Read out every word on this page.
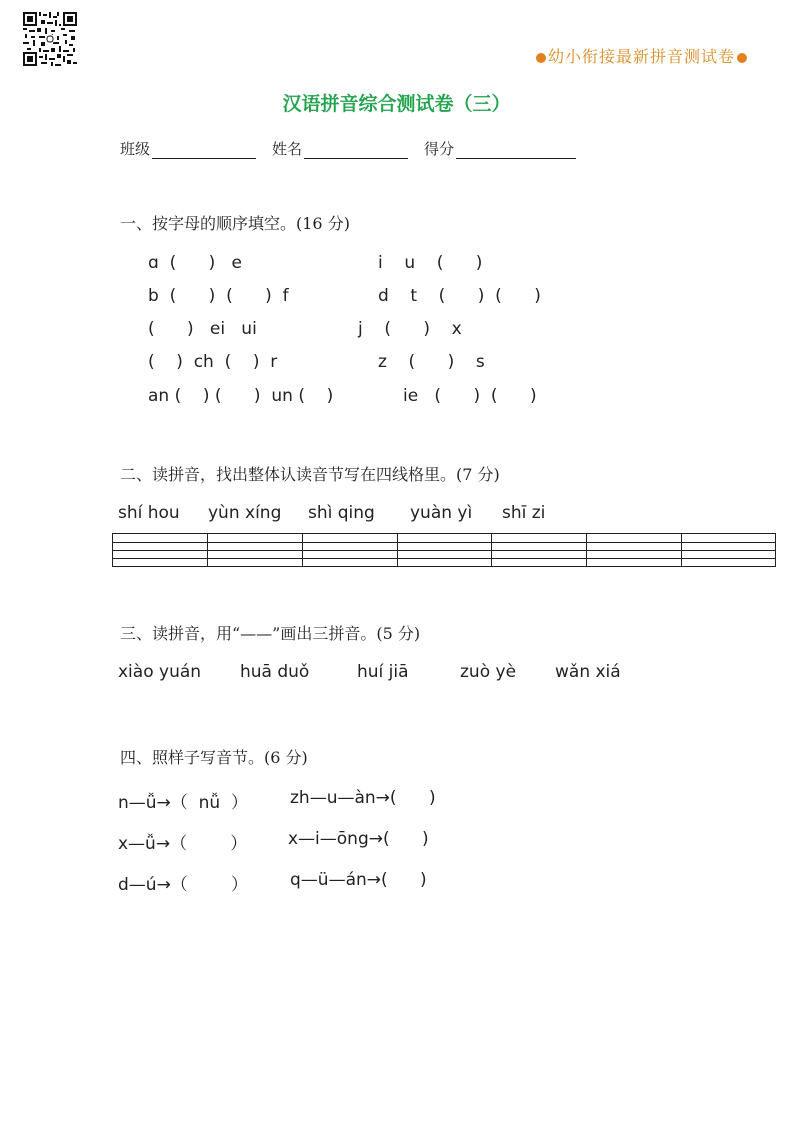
幼小衔接最新拼音测试卷
汉语拼音综合测试卷（三）
班级	姓名	得分
一、按字母的顺序填空。(16 分)
ɑ  (      )   e	i    u    (      )
b  (      )  (      )  f	d    t    (      )  (      )
(      )   ei   ui	j    (      )    x
(    )  ch  (    )  r	z    (      )    s
an (    ) (      )  un (    )	ie   (      )  (      )
二、读拼音，找出整体认读音节写在四线格里。(7 分)
shí hou yùn xíng shì qing yuàn yì shī zi
三、读拼音，用“——”画出三拼音。(5 分)
xiào yuán huā duǒ	huí jiā	zuò yè wǎn xiá
四、照样子写音节。(6 分)
n—ǚ→（  nǚ  ） zh—u—àn→(      )
x—ǚ→（        ） x—i—ōng→(      )
d—ú→（        ） q—ü—án→(      )
